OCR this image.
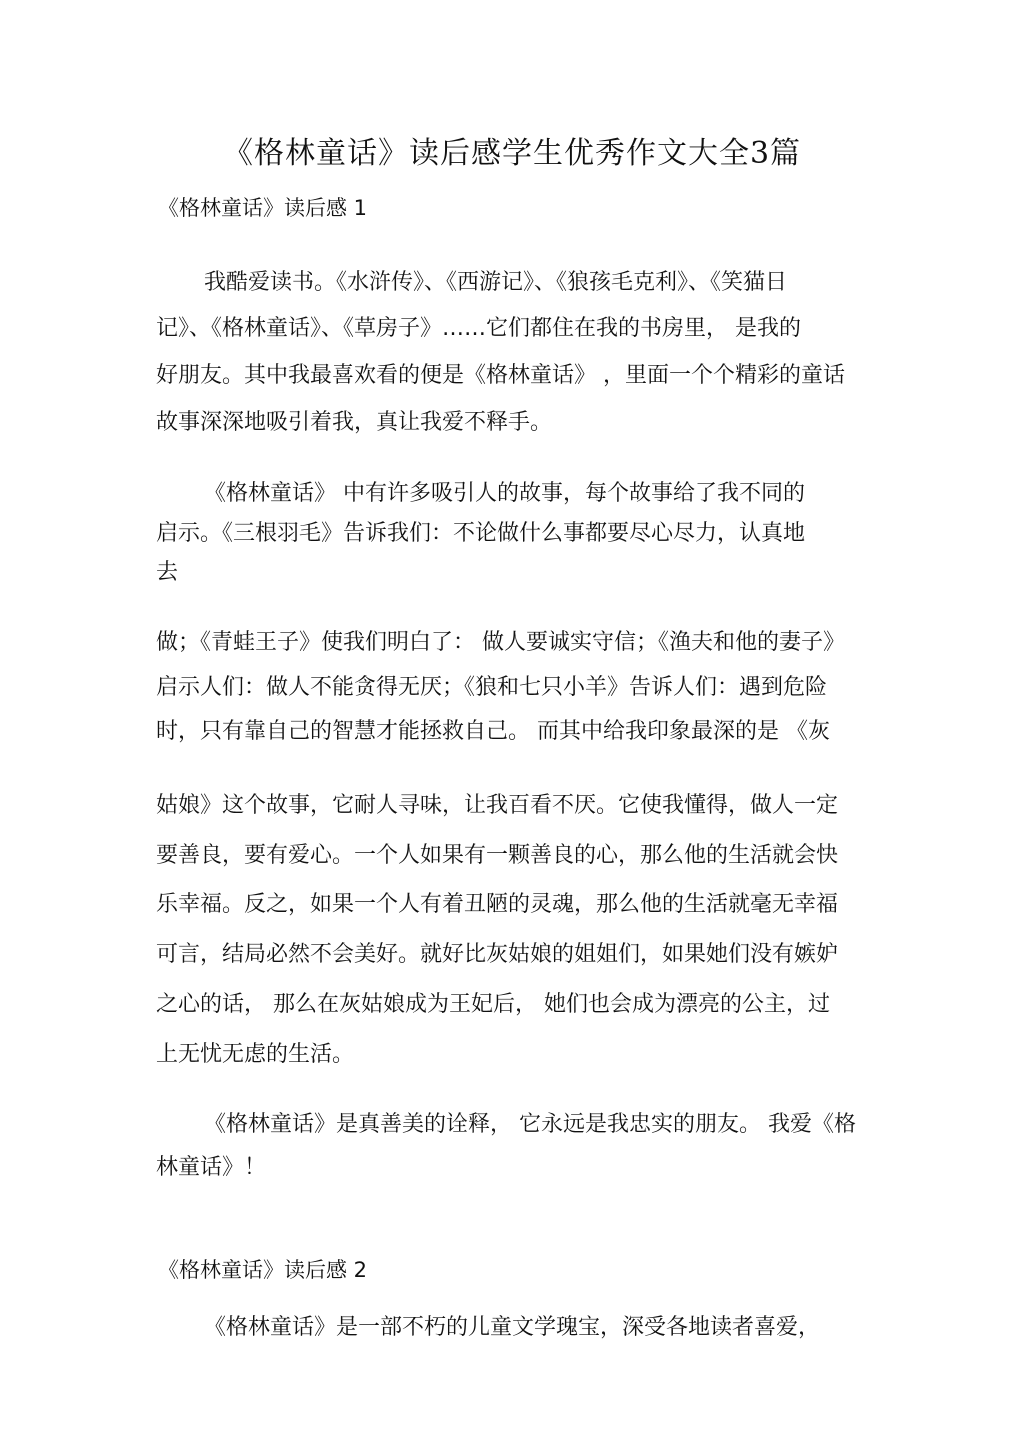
《格林童话》读后感学生优秀作文大全3篇
《格林童话》读后感 1

我酷爱读书。《水浒传》、《西游记》、《狼孩毛克利》、《笑猫日

记》、《格林童话》、《草房子》……它们都住在我的书房里， 是我的

好朋友。其中我最喜欢看的便是《格林童话》 ，里面一个个精彩的童话

故事深深地吸引着我，真让我爱不释手。

《格林童话》 中有许多吸引人的故事，每个故事给了我不同的

启示。《三根羽毛》告诉我们：不论做什么事都要尽心尽力，认真地

去

做；《青蛙王子》使我们明白了： 做人要诚实守信；《渔夫和他的妻子》

启示人们：做人不能贪得无厌；《狼和七只小羊》告诉人们：遇到危险

时，只有靠自己的智慧才能拯救自己。 而其中给我印象最深的是 《灰

姑娘》这个故事，它耐人寻味，让我百看不厌。它使我懂得，做人一定

要善良，要有爱心。一个人如果有一颗善良的心，那么他的生活就会快

乐幸福。反之，如果一个人有着丑陋的灵魂，那么他的生活就毫无幸福

可言，结局必然不会美好。就好比灰姑娘的姐姐们，如果她们没有嫉妒

之心的话， 那么在灰姑娘成为王妃后， 她们也会成为漂亮的公主，过

上无忧无虑的生活。

《格林童话》是真善美的诠释， 它永远是我忠实的朋友。 我爱《格

林童话》！

《格林童话》读后感 2

《格林童话》是一部不朽的儿童文学瑰宝，深受各地读者喜爱，
